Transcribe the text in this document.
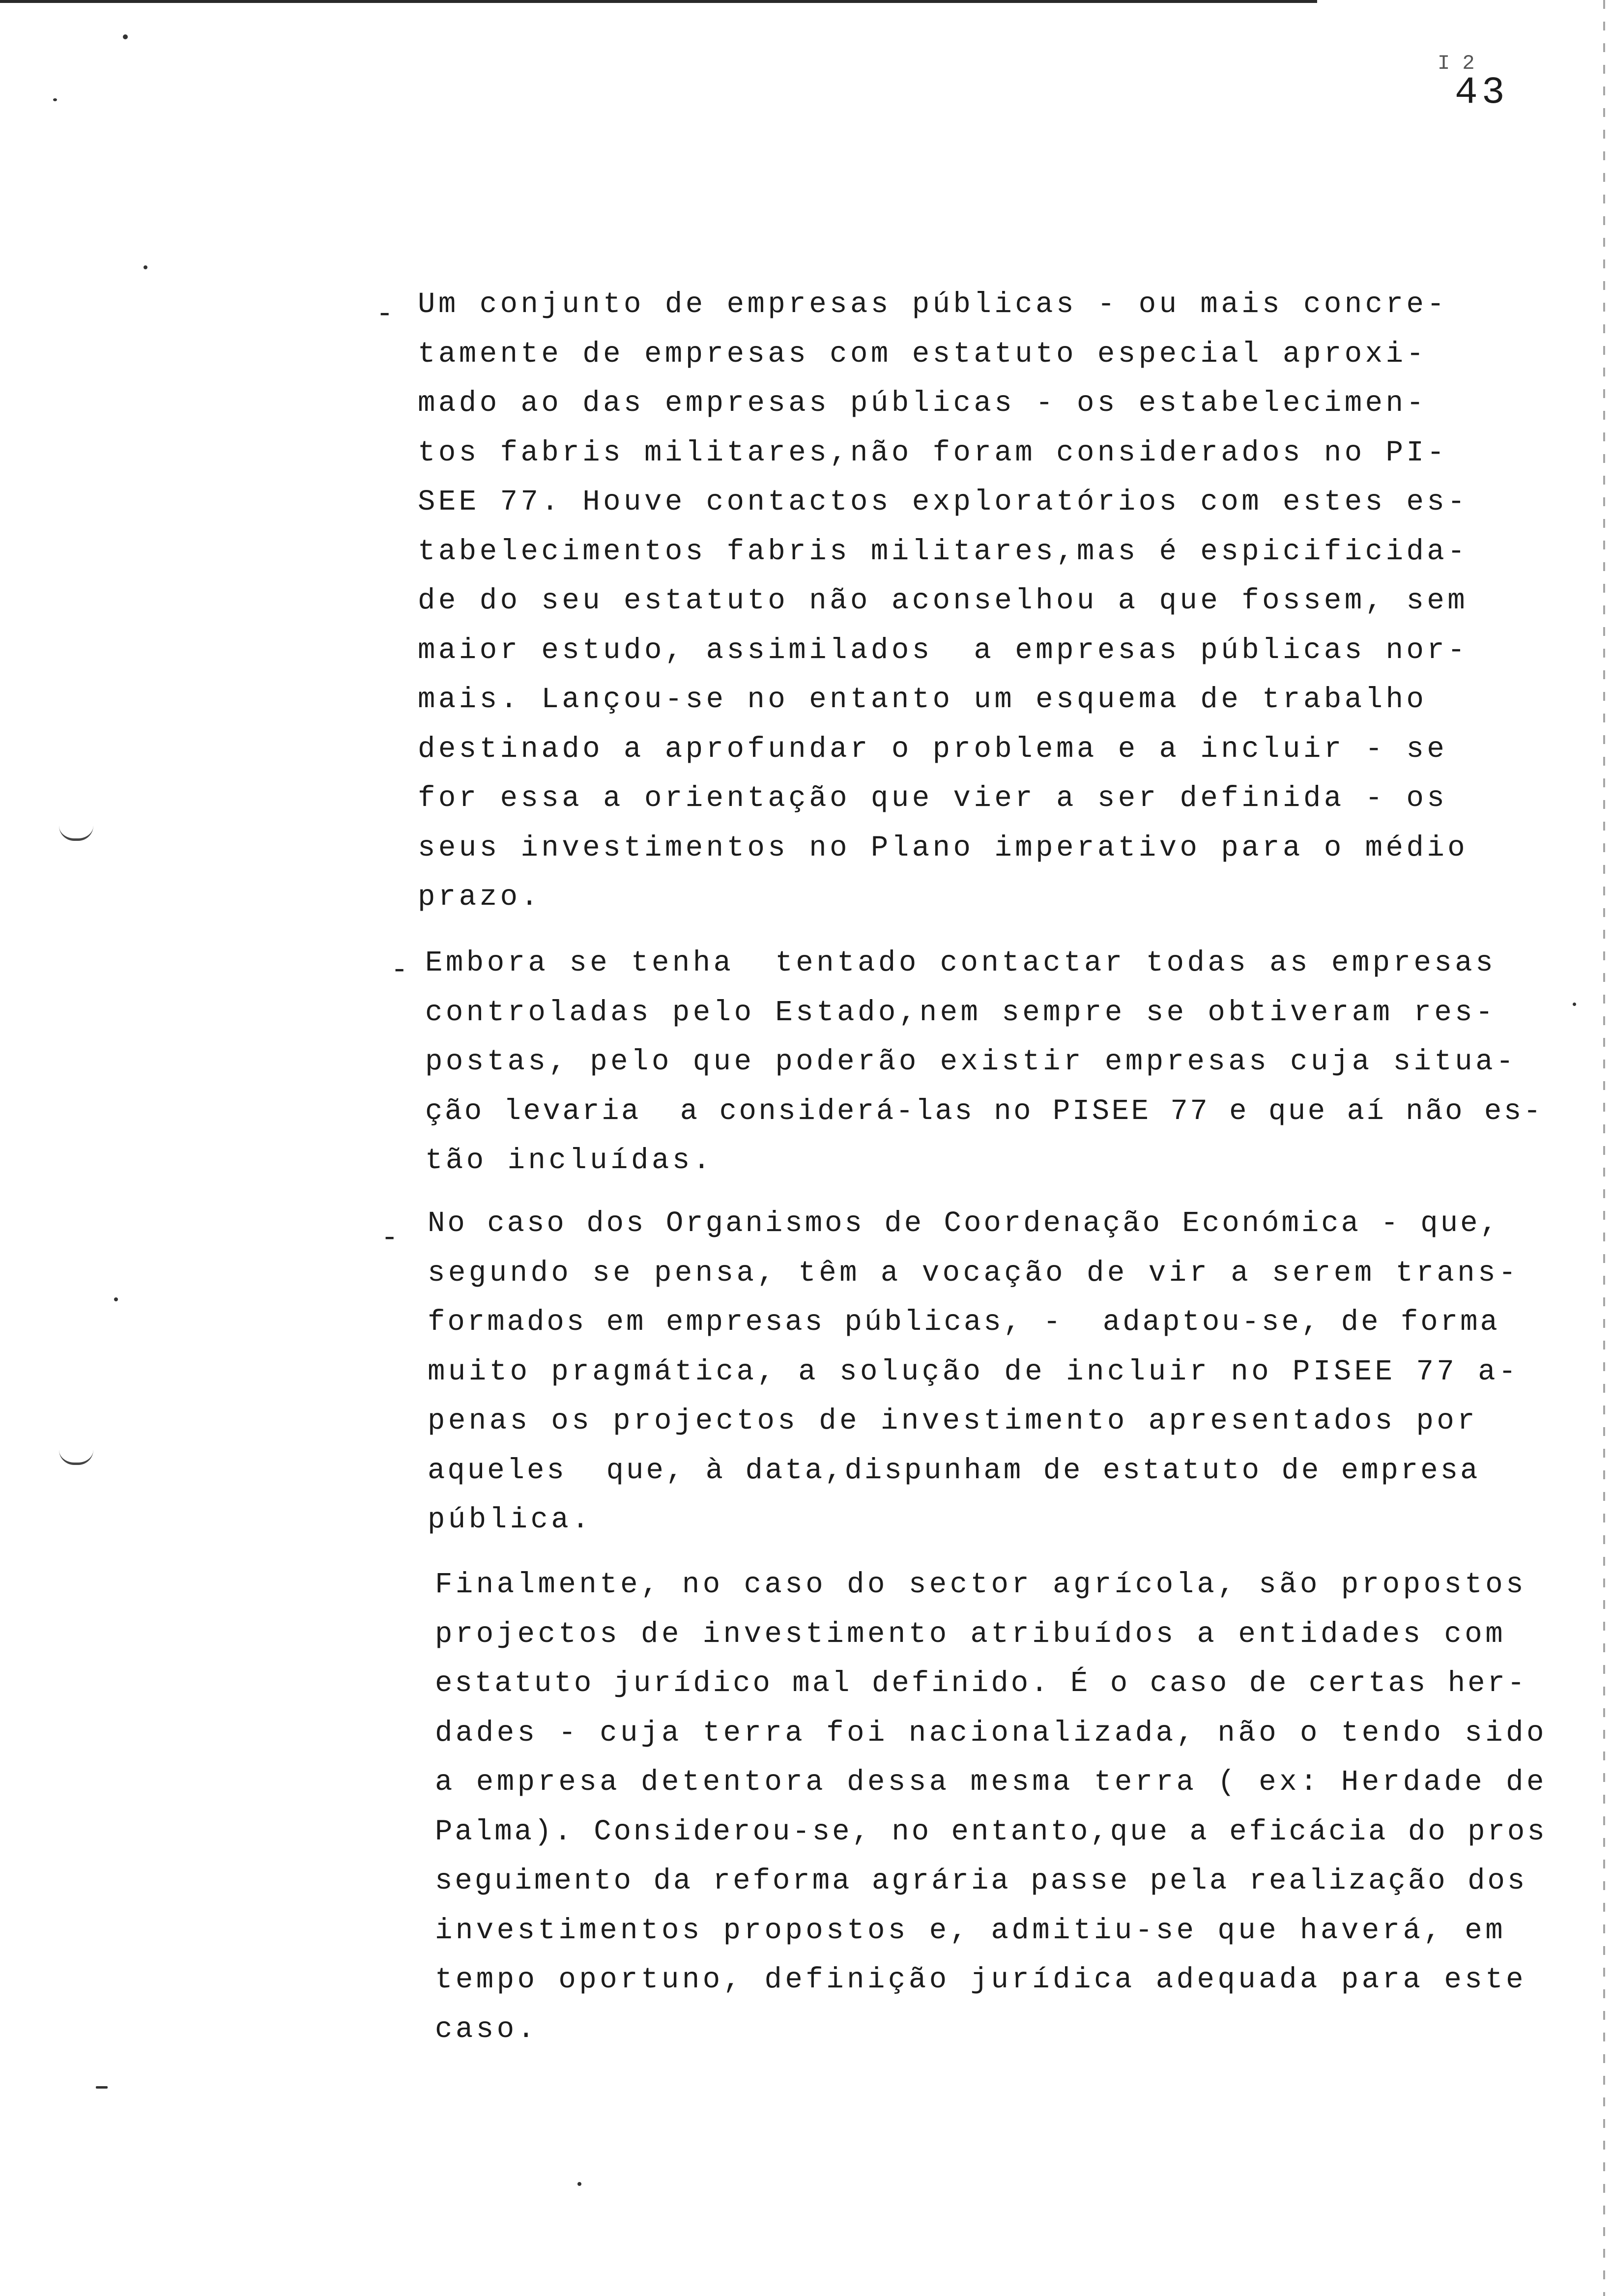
I 2
43
- Um conjunto de empresas públicas - ou mais concre-
tamente de empresas com estatuto especial aproxi-
mado ao das empresas públicas - os estabelecimen-
tos fabris militares,não foram considerados no PI-
SEE 77. Houve contactos exploratórios com estes es-
tabelecimentos fabris militares,mas é espicificida-
de do seu estatuto não aconselhou a que fossem, sem
maior estudo, assimilados  a empresas públicas nor-
mais. Lançou-se no entanto um esquema de trabalho
destinado a aprofundar o problema e a incluir - se
for essa a orientação que vier a ser definida - os
seus investimentos no Plano imperativo para o médio
prazo.
- Embora se tenha  tentado contactar todas as empresas
controladas pelo Estado,nem sempre se obtiveram res-
postas, pelo que poderão existir empresas cuja situa-
ção levaria  a considerá-las no PISEE 77 e que aí não es-
tão incluídas.
- No caso dos Organismos de Coordenação Económica - que,
segundo se pensa, têm a vocação de vir a serem trans-
formados em empresas públicas, -  adaptou-se, de forma
muito pragmática, a solução de incluir no PISEE 77 a-
penas os projectos de investimento apresentados por
aqueles  que, à data,dispunham de estatuto de empresa
pública.
Finalmente, no caso do sector agrícola, são propostos
projectos de investimento atribuídos a entidades com
estatuto jurídico mal definido. É o caso de certas her-
dades - cuja terra foi nacionalizada, não o tendo sido
a empresa detentora dessa mesma terra ( ex: Herdade de
Palma). Considerou-se, no entanto,que a eficácia do pros
seguimento da reforma agrária passe pela realização dos
investimentos propostos e, admitiu-se que haverá, em
tempo oportuno, definição jurídica adequada para este
caso.
